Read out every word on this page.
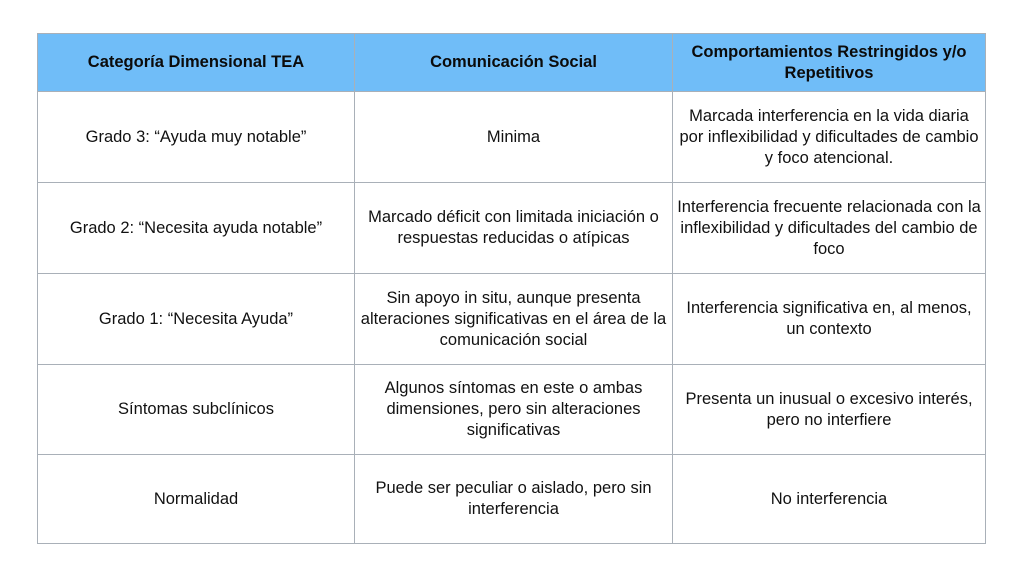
Categoría Dimensional TEA	Comunicación Social	Comportamientos Restringidos y/o Repetitivos
Grado 3: “Ayuda muy notable”	Minima	Marcada interferencia en la vida diaria por inflexibilidad y dificultades de cambio y foco atencional.
Grado 2: “Necesita ayuda notable”	Marcado déficit con limitada iniciación o respuestas reducidas o atípicas	Interferencia frecuente relacionada con la inflexibilidad y dificultades del cambio de foco
Grado 1: “Necesita Ayuda”	Sin apoyo in situ, aunque presenta alteraciones significativas en el área de la comunicación social	Interferencia significativa en, al menos, un contexto
Síntomas subclínicos	Algunos síntomas en este o ambas dimensiones, pero sin alteraciones significativas	Presenta un inusual o excesivo interés, pero no interfiere
Normalidad	Puede ser peculiar o aislado, pero sin interferencia	No interferencia
